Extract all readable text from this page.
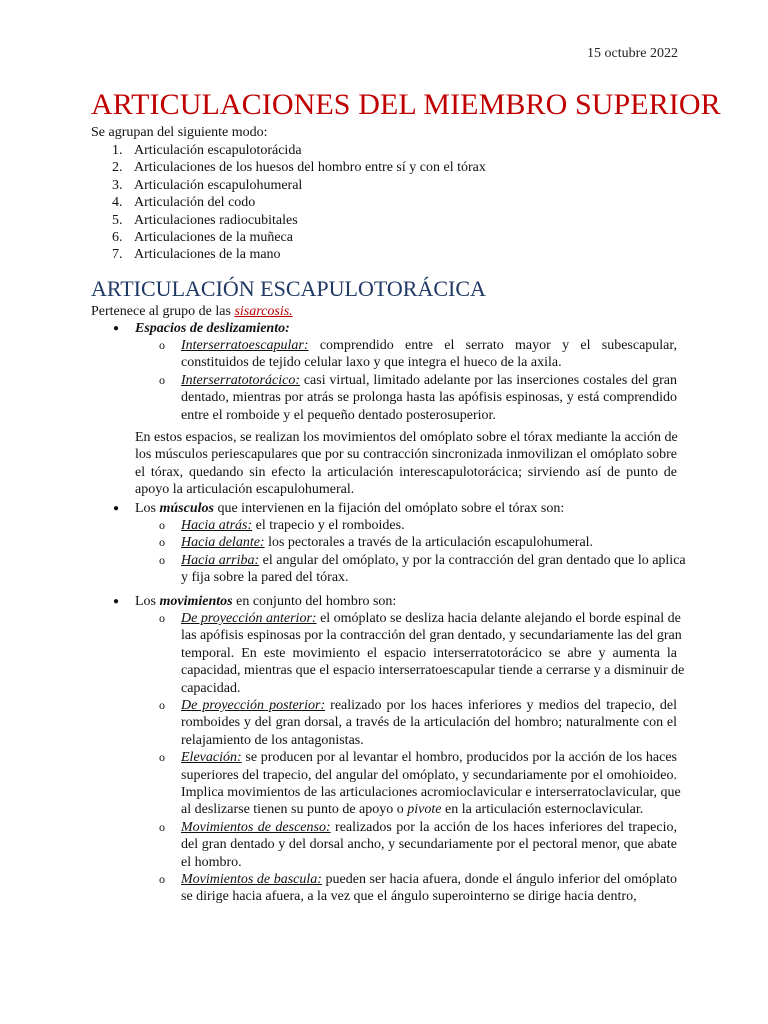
15 octubre 2022
ARTICULACIONES DEL MIEMBRO SUPERIOR
Se agrupan del siguiente modo:
1. Articulación escapulotorácida
2. Articulaciones de los huesos del hombro entre sí y con el tórax
3. Articulación escapulohumeral
4. Articulación del codo
5. Articulaciones radiocubitales
6. Articulaciones de la muñeca
7. Articulaciones de la mano
ARTICULACIÓN ESCAPULOTORÁCICA
Pertenece al grupo de las sisarcosis.
● Espacios de deslizamiento:
o Interserratoescapular: comprendido entre el serrato mayor y el subescapular,
constituidos de tejido celular laxo y que integra el hueco de la axila.
o Interserratotorácico: casi virtual, limitado adelante por las inserciones costales del gran
dentado, mientras por atrás se prolonga hasta las apófisis espinosas, y está comprendido
entre el romboide y el pequeño dentado posterosuperior.
En estos espacios, se realizan los movimientos del omóplato sobre el tórax mediante la acción de
los músculos periescapulares que por su contracción sincronizada inmovilizan el omóplato sobre
el tórax, quedando sin efecto la articulación interescapulotorácica; sirviendo así de punto de
apoyo la articulación escapulohumeral.
● Los músculos que intervienen en la fijación del omóplato sobre el tórax son:
o Hacia atrás: el trapecio y el romboides.
o Hacia delante: los pectorales a través de la articulación escapulohumeral.
o Hacia arriba: el angular del omóplato, y por la contracción del gran dentado que lo aplica
y fija sobre la pared del tórax.
● Los movimientos en conjunto del hombro son:
o De proyección anterior: el omóplato se desliza hacia delante alejando el borde espinal de
las apófisis espinosas por la contracción del gran dentado, y secundariamente las del gran
temporal. En este movimiento el espacio interserratotorácico se abre y aumenta la
capacidad, mientras que el espacio interserratoescapular tiende a cerrarse y a disminuir de
capacidad.
o De proyección posterior: realizado por los haces inferiores y medios del trapecio, del
romboides y del gran dorsal, a través de la articulación del hombro; naturalmente con el
relajamiento de los antagonistas.
o Elevación: se producen por al levantar el hombro, producidos por la acción de los haces
superiores del trapecio, del angular del omóplato, y secundariamente por el omohioideo.
Implica movimientos de las articulaciones acromioclavicular e interserratoclavicular, que
al deslizarse tienen su punto de apoyo o pivote en la articulación esternoclavicular.
o Movimientos de descenso: realizados por la acción de los haces inferiores del trapecio,
del gran dentado y del dorsal ancho, y secundariamente por el pectoral menor, que abate
el hombro.
o Movimientos de bascula: pueden ser hacia afuera, donde el ángulo inferior del omóplato
se dirige hacia afuera, a la vez que el ángulo superointerno se dirige hacia dentro,
